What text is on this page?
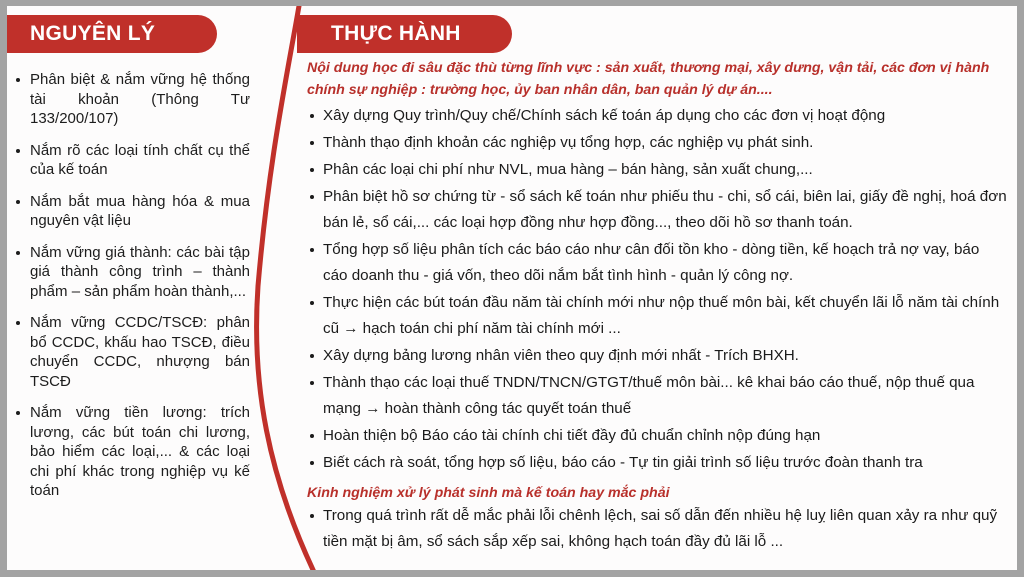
NGUYÊN LÝ
Phân biệt & nắm vững hệ thống tài khoản (Thông Tư 133/200/107)
Nắm rõ các loại tính chất cụ thể của kế toán
Nắm bắt mua hàng hóa & mua nguyên vật liệu
Nắm vững giá thành: các bài tập giá thành công trình – thành phẩm – sản phẩm hoàn thành,...
Nắm vững CCDC/TSCĐ: phân bổ CCDC, khấu hao TSCĐ, điều chuyển CCDC, nhượng bán TSCĐ
Nắm vững tiền lương: trích lương, các bút toán chi lương, bảo hiểm các loại,... & các loại chi phí khác trong nghiệp vụ kế toán
THỰC HÀNH

Nội dung học đi sâu đặc thù từng lĩnh vực : sản xuất, thương mại, xây dưng, vận tải, các đơn vị hành chính sự nghiệp : trường học, ủy ban nhân dân, ban quản lý dự án....

Xây dựng Quy trình/Quy chế/Chính sách kế toán áp dụng cho các đơn vị hoạt động
Thành thạo định khoản các nghiệp vụ tổng hợp, các nghiệp vụ phát sinh.
Phân các loại chi phí như NVL, mua hàng – bán hàng, sản xuất chung,...
Phân biệt hồ sơ chứng từ - sổ sách kế toán như phiếu thu - chi, sổ cái, biên lai, giấy đề nghị, hoá đơn bán lẻ, sổ cái,... các loại hợp đồng như hợp đồng..., theo dõi hồ sơ thanh toán.
Tổng hợp số liệu phân tích các báo cáo như cân đối tồn kho - dòng tiền, kế hoạch trả nợ vay, báo cáo doanh thu - giá vốn, theo dõi nắm bắt tình hình - quản lý công nợ.
Thực hiện các bút toán đầu năm tài chính mới như nộp thuế môn bài, kết chuyển lãi lỗ năm tài chính cũ → hạch toán chi phí năm tài chính mới ...
Xây dựng bảng lương nhân viên theo quy định mới nhất - Trích BHXH.
Thành thạo các loại thuế TNDN/TNCN/GTGT/thuế môn bài... kê khai báo cáo thuế, nộp thuế qua mạng → hoàn thành công tác quyết toán thuế
Hoàn thiện bộ Báo cáo tài chính chi tiết đầy đủ chuẩn chỉnh nộp đúng hạn
Biết cách rà soát, tổng hợp số liệu, báo cáo - Tự tin giải trình số liệu trước đoàn thanh tra

Kinh nghiệm xử lý phát sinh mà kế toán hay mắc phải

Trong quá trình rất dễ mắc phải lỗi chênh lệch, sai số dẫn đến nhiều hệ luỵ liên quan xảy ra như quỹ tiền mặt bị âm, sổ sách sắp xếp sai, không hạch toán đầy đủ lãi lỗ ...
